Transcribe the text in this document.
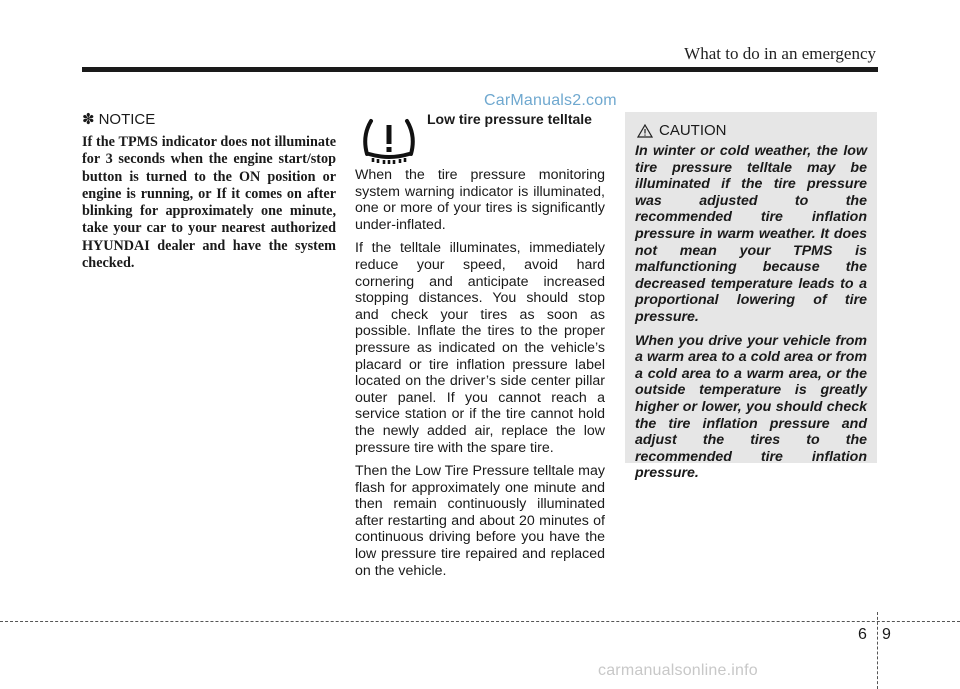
What to do in an emergency
CarManuals2.com
✽ NOTICE

If the TPMS indicator does not illuminate for 3 seconds when the engine start/stop button is turned to the ON position or engine is running, or If it comes on after blinking for approximately one minute, take your car to your nearest authorized HYUNDAI dealer and have the system checked.

Low tire pressure telltale

When the tire pressure monitoring system warning indicator is illuminated, one or more of your tires is significantly under-inflated.

If the telltale illuminates, immediately reduce your speed, avoid hard cornering and anticipate increased stopping distances. You should stop and check your tires as soon as possible. Inflate the tires to the proper pressure as indicated on the vehicle’s placard or tire inflation pressure label located on the driver’s side center pillar outer panel. If you cannot reach a service station or if the tire cannot hold the newly added air, replace the low pressure tire with the spare tire.

Then the Low Tire Pressure telltale may flash for approximately one minute and then remain continuously illuminated after restarting and about 20 minutes of continuous driving before you have the low pressure tire repaired and replaced on the vehicle.

CAUTION

In winter or cold weather, the low tire pressure telltale may be illuminated if the tire pressure was adjusted to the recommended tire inflation pressure in warm weather. It does not mean your TPMS is malfunctioning because the decreased temperature leads to a proportional lowering of tire pressure.

When you drive your vehicle from a warm area to a cold area or from a cold area to a warm area, or the outside temperature is greatly higher or lower, you should check the tire inflation pressure and adjust the tires to the recommended tire inflation pressure.

6 9
carmanualsonline.info
